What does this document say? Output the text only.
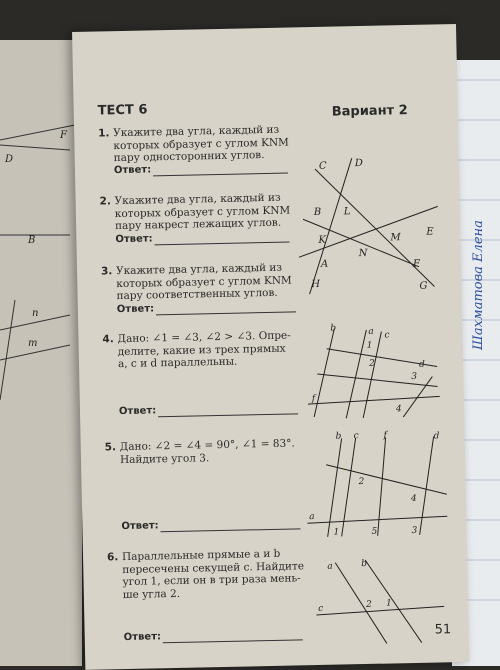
F
D
B
n
m	Шахматова Елена
ТЕСТ 6	Вариант 2
1. Укажите два угла, каждый из
которых образует с углом KNM
пару односторонних углов.
Ответ:
2. Укажите два угла, каждый из
которых образует с углом KNM
пару накрест лежащих углов.
Ответ:
3. Укажите два угла, каждый из
которых образует с углом KNM
пару соответственных углов.
Ответ:
4. Дано: ∠1 = ∠3, ∠2 > ∠3. Опре-
делите, какие из трех прямых
a, c и d параллельны.
Ответ:
5. Дано: ∠2 = ∠4 = 90°, ∠1 = 83°.
Найдите угол 3.
Ответ:
6. Параллельные прямые a и b
пересечены секущей c. Найдите
угол 1, если он в три раза мень-
ше угла 2.
Ответ:	51
C	D
B L
K	M
E
N
A	F
H	G
b	a c
1
2	d
3
f
4
b c	f	d
2
4
a
1	5	3
a	b
c	2 1
